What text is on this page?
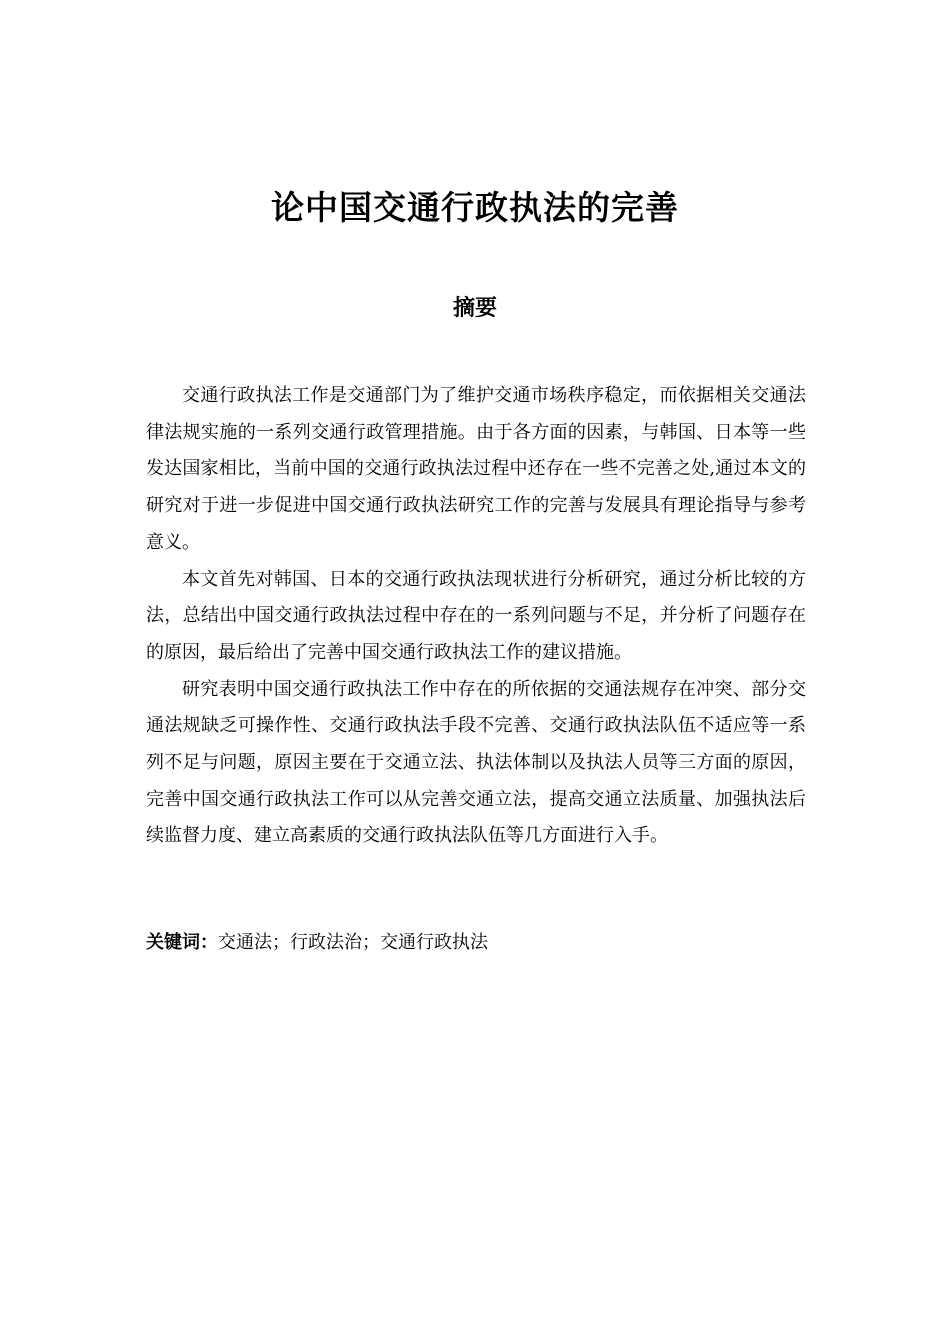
论中国交通行政执法的完善
摘要

交通行政执法工作是交通部门为了维护交通市场秩序稳定，而依据相关交通法律法规实施的一系列交通行政管理措施。由于各方面的因素，与韩国、日本等一些发达国家相比，当前中国的交通行政执法过程中还存在一些不完善之处,通过本文的研究对于进一步促进中国交通行政执法研究工作的完善与发展具有理论指导与参考意义。

本文首先对韩国、日本的交通行政执法现状进行分析研究，通过分析比较的方法，总结出中国交通行政执法过程中存在的一系列问题与不足，并分析了问题存在的原因，最后给出了完善中国交通行政执法工作的建议措施。

研究表明中国交通行政执法工作中存在的所依据的交通法规存在冲突、部分交通法规缺乏可操作性、交通行政执法手段不完善、交通行政执法队伍不适应等一系列不足与问题，原因主要在于交通立法、执法体制以及执法人员等三方面的原因，完善中国交通行政执法工作可以从完善交通立法，提高交通立法质量、加强执法后续监督力度、建立高素质的交通行政执法队伍等几方面进行入手。

关键词：交通法；行政法治；交通行政执法
